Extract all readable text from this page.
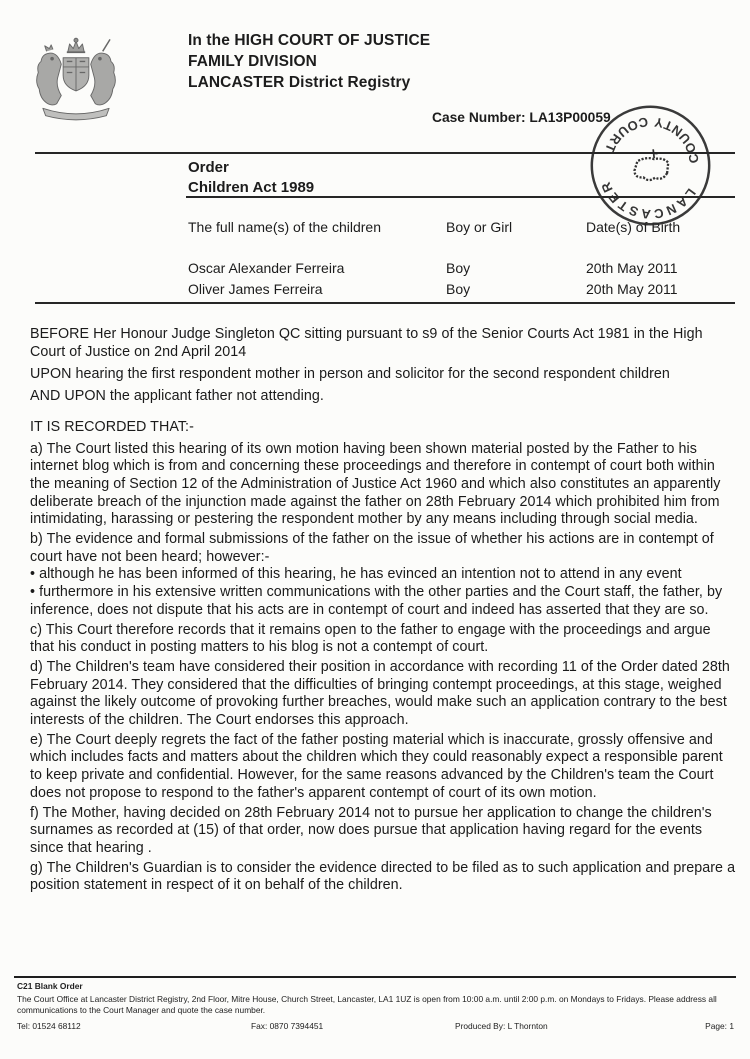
In the HIGH COURT OF JUSTICE
FAMILY DIVISION
LANCASTER District Registry
Case Number: LA13P00059
Order
Children Act 1989
The full name(s) of the children	Boy or Girl	Date(s) of Birth
Oscar Alexander Ferreira	Boy	20th May 2011
Oliver James Ferreira	Boy	20th May 2011
LANCASTER
COUNTY COURT

BEFORE Her Honour Judge Singleton QC sitting pursuant to s9 of the Senior Courts Act 1981 in the High Court of Justice on 2nd April 2014

UPON hearing the first respondent mother in person and solicitor for the second respondent children

AND UPON the applicant father not attending.

IT IS RECORDED THAT:-

a) The Court listed this hearing of its own motion having been shown material posted by the Father to his internet blog which is from and concerning these proceedings and therefore in contempt of court both within the meaning of Section 12 of the Administration of Justice Act 1960 and which also constitutes an apparently deliberate breach of the injunction made against the father on 28th February 2014 which prohibited him from intimidating, harassing or pestering the respondent mother by any means including through social media.

b) The evidence and formal submissions of the father on the issue of whether his actions are in contempt of court have not been heard; however:-

• although he has been informed of this hearing, he has evinced an intention not to attend in any event

• furthermore in his extensive written communications with the other parties and the Court staff, the father, by inference, does not dispute that his acts are in contempt of court and indeed has asserted that they are so.

c) This Court therefore records that it remains open to the father to engage with the proceedings and argue that his conduct in posting matters to his blog is not a contempt of court.

d) The Children's team have considered their position in accordance with recording 11 of the Order dated 28th February 2014. They considered that the difficulties of bringing contempt proceedings, at this stage, weighed against the likely outcome of provoking further breaches, would make such an application contrary to the best interests of the children. The Court endorses this approach.

e) The Court deeply regrets the fact of the father posting material which is inaccurate, grossly offensive and which includes facts and matters about the children which they could reasonably expect a responsible parent to keep private and confidential. However, for the same reasons advanced by the Children's team the Court does not propose to respond to the father's apparent contempt of court of its own motion.

f) The Mother, having decided on 28th February 2014 not to pursue her application to change the children's surnames as recorded at (15) of that order, now does pursue that application having regard for the events since that hearing .

g) The Children's Guardian is to consider the evidence directed to be filed as to such application and prepare a position statement in respect of it on behalf of the children.

C21 Blank Order
The Court Office at Lancaster District Registry, 2nd Floor, Mitre House, Church Street, Lancaster, LA1 1UZ is open from 10:00 a.m. until 2:00 p.m. on Mondays to Fridays. Please address all communications to the Court Manager and quote the case number.
Tel: 01524 68112	Fax: 0870 7394451	Produced By: L Thornton	Page: 1
